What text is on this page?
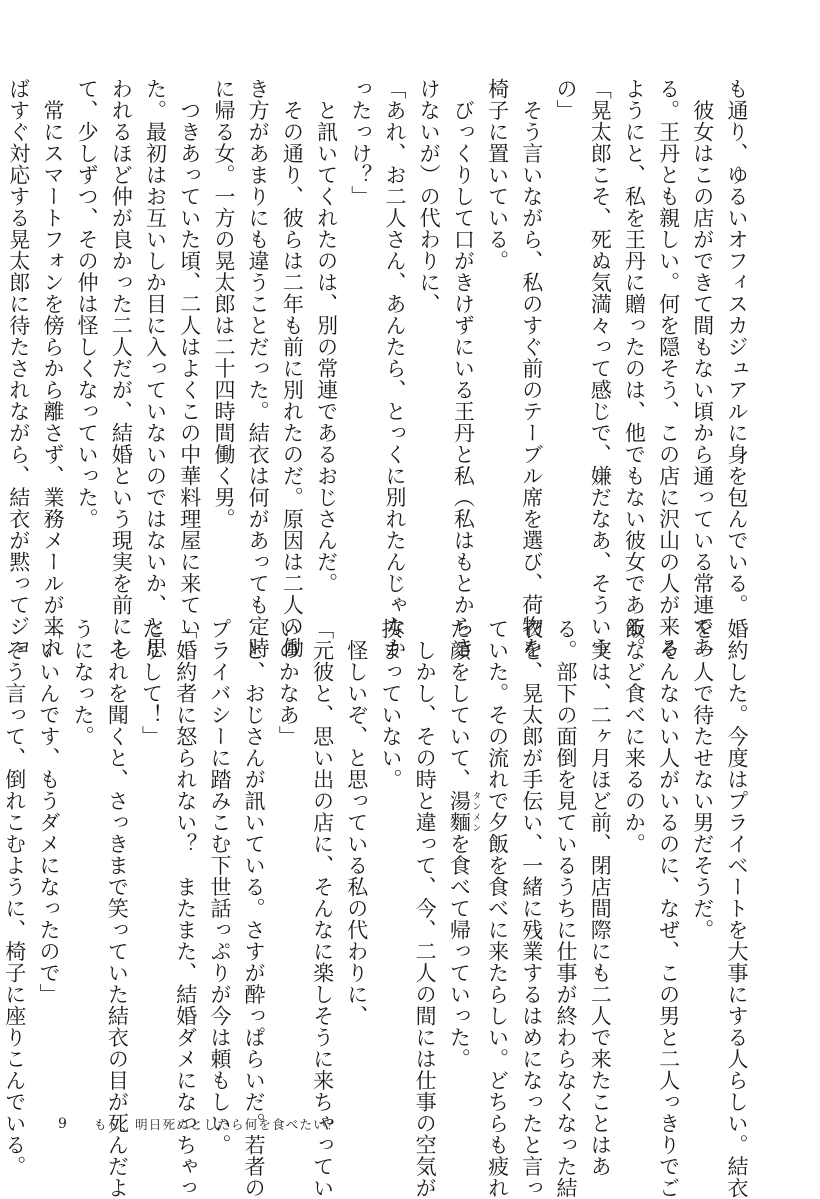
も通り、ゆるいオフィスカジュアルに身を包んでいる。
　彼女はこの店ができて間もない頃から通っている常連であ
る。王丹とも親しい。何を隠そう、この店に沢山の人が来る
ようにと、私を王丹に贈ったのは、他でもない彼女である。
「晃太郎こそ、死ぬ気満々って感じで、嫌だなあ、そういう
の」
　そう言いながら、私のすぐ前のテーブル席を選び、荷物を
椅子に置いている。
　びっくりして口がきけずにいる王丹と私（私はもとからき
けないが）の代わりに、
「あれ、お二人さん、あんたら、とっくに別れたんじゃなか
ったっけ？」
　と訊いてくれたのは、別の常連であるおじさんだ。
　その通り、彼らは二年も前に別れたのだ。原因は二人の働
き方があまりにも違うことだった。結衣は何があっても定時
に帰る女。一方の晃太郎は二十四時間働く男。
　つきあっていた頃、二人はよくこの中華料理屋に来てい
た。最初はお互いしか目に入っていないのではないか、と思
われるほど仲が良かった二人だが、結婚という現実を前にし
て、少しずつ、その仲は怪しくなっていった。
　常にスマートフォンを傍らから離さず、業務メールが来れ
ばすぐ対応する晃太郎に待たされながら、結衣が黙ってジョ
婚約した。今度はプライベートを大事にする人らしい。結衣
を一人で待たせない男だそうだ。
　そんないい人がいるのに、なぜ、この男と二人っきりでご
飯など食べに来るのか。
　実は、二ヶ月ほど前、閉店間際にも二人で来たことはあ
る。部下の面倒を見ているうちに仕事が終わらなくなった結
衣を、晃太郎が手伝い、一緒に残業するはめになったと言っ
ていた。その流れで夕飯を食べに来たらしい。どちらも疲れ
た顔をしていて、湯麵 タンメンを食べて帰っていった。
　しかし、その時と違って、今、二人の間には仕事の空気が
挟まっていない。
　怪しいぞ、と思っている私の代わりに、
「元彼と、思い出の店に、そんなに楽しそうに来ちゃってい
いのかなあ」
　と、おじさんが訊いている。さすが酔っぱらいだ。若者の
プライバシーに踏みこむ下世話っぷりが今は頼もしい。
「婚約者に怒られない？　またまた、結婚ダメになっちゃっ
たりして！」
　それを聞くと、さっきまで笑っていた結衣の目が死んだよ
うになった。
「いいんです、もうダメになったので」
　そう言って、倒れこむように、椅子に座りこんでいる。	9	もし、明日死ぬとしたら何を食べたい？
